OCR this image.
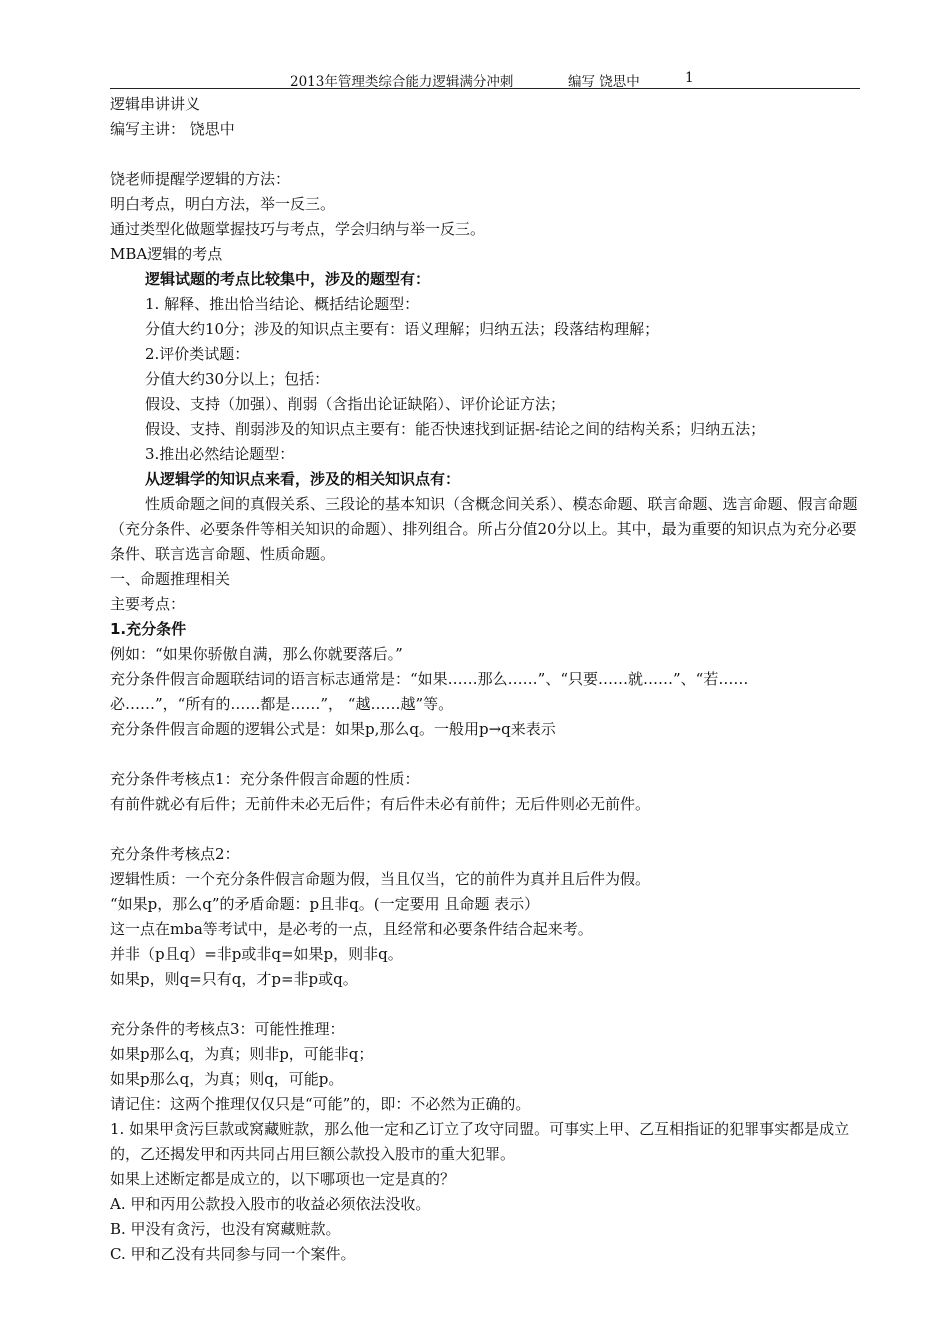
2013年管理类综合能力逻辑满分冲刺	编写 饶思中	1
逻辑串讲讲义
编写主讲： 饶思中
饶老师提醒学逻辑的方法：
明白考点，明白方法，举一反三。
通过类型化做题掌握技巧与考点，学会归纳与举一反三。
MBA逻辑的考点
逻辑试题的考点比较集中，涉及的题型有：
1. 解释、推出恰当结论、概括结论题型：
分值大约10分；涉及的知识点主要有：语义理解；归纳五法；段落结构理解；
2.评价类试题：
分值大约30分以上；包括：
假设、支持（加强）、削弱（含指出论证缺陷）、评价论证方法；
假设、支持、削弱涉及的知识点主要有：能否快速找到证据-结论之间的结构关系；归纳五法；
3.推出必然结论题型：
从逻辑学的知识点来看，涉及的相关知识点有：
性质命题之间的真假关系、三段论的基本知识（含概念间关系）、模态命题、联言命题、选言命题、假言命题（充分条件、必要条件等相关知识的命题）、排列组合。所占分值20分以上。其中，最为重要的知识点为充分必要条件、联言选言命题、性质命题。
一、命题推理相关
主要考点：
1.充分条件
例如：“如果你骄傲自满，那么你就要落后。”
充分条件假言命题联结词的语言标志通常是：“如果……那么……”、“只要……就……”、“若……
必……”，“所有的……都是……”， “越……越”等。
充分条件假言命题的逻辑公式是：如果p,那么q。一般用p→q来表示
充分条件考核点1：充分条件假言命题的性质：
有前件就必有后件；无前件未必无后件；有后件未必有前件；无后件则必无前件。
充分条件考核点2：
逻辑性质：一个充分条件假言命题为假，当且仅当，它的前件为真并且后件为假。
“如果p，那么q”的矛盾命题：p且非q。(一定要用 且命题 表示）
这一点在mba等考试中，是必考的一点，且经常和必要条件结合起来考。
并非（p且q）=非p或非q=如果p，则非q。
如果p，则q=只有q，才p=非p或q。
充分条件的考核点3：可能性推理：
如果p那么q，为真；则非p，可能非q；
如果p那么q，为真；则q，可能p。
请记住：这两个推理仅仅只是“可能”的，即：不必然为正确的。
1. 如果甲贪污巨款或窝藏赃款，那么他一定和乙订立了攻守同盟。可事实上甲、乙互相指证的犯罪事实都是成立的，乙还揭发甲和丙共同占用巨额公款投入股市的重大犯罪。
如果上述断定都是成立的，以下哪项也一定是真的？
A. 甲和丙用公款投入股市的收益必须依法没收。
B. 甲没有贪污，也没有窝藏赃款。
C. 甲和乙没有共同参与同一个案件。
